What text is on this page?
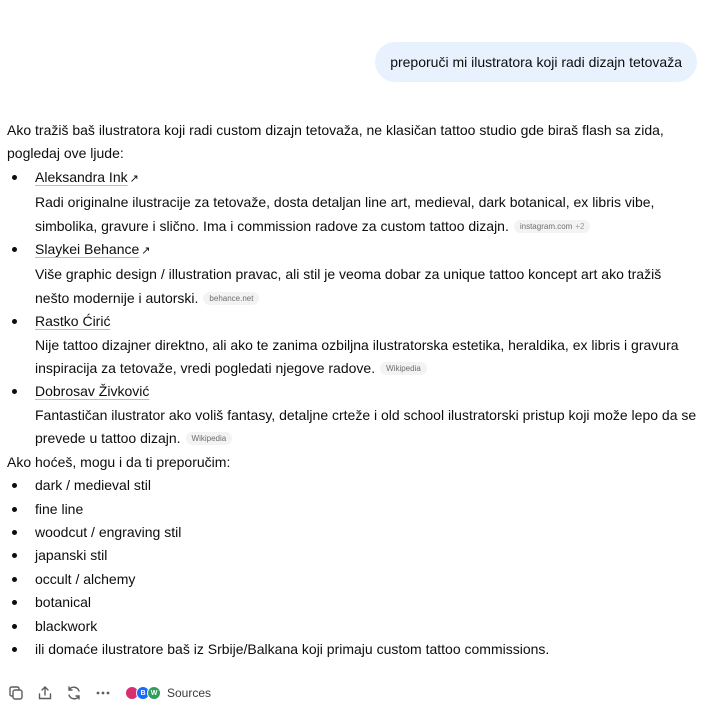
preporuči mi ilustratora koji radi dizajn tetovaža

Ako tražiš baš ilustratora koji radi custom dizajn tetovaža, ne klasičan tattoo studio gde biraš flash sa zida, pogledaj ove ljude:

Aleksandra Ink ↗
Radi originalne ilustracije za tetovaže, dosta detaljan line art, medieval, dark botanical, ex libris vibe, simbolika, gravure i slično. Ima i commission radove za custom tattoo dizajn. instagram.com +2
Slaykei Behance ↗
Više graphic design / illustration pravac, ali stil je veoma dobar za unique tattoo koncept art ako tražiš nešto modernije i autorski. behance.net
Rastko Ćirić
Nije tattoo dizajner direktno, ali ako te zanima ozbiljna ilustratorska estetika, heraldika, ex libris i gravura inspiracija za tetovaže, vredi pogledati njegove radove. Wikipedia
Dobrosav Živković
Fantastičan ilustrator ako voliš fantasy, detaljne crteže i old school ilustratorski pristup koji može lepo da se prevede u tattoo dizajn. Wikipedia

Ako hoćeš, mogu i da ti preporučim:

dark / medieval stil
fine line
woodcut / engraving stil
japanski stil
occult / alchemy
botanical
blackwork
ili domaće ilustratore baš iz Srbije/Balkana koji primaju custom tattoo commissions.
B W Sources
